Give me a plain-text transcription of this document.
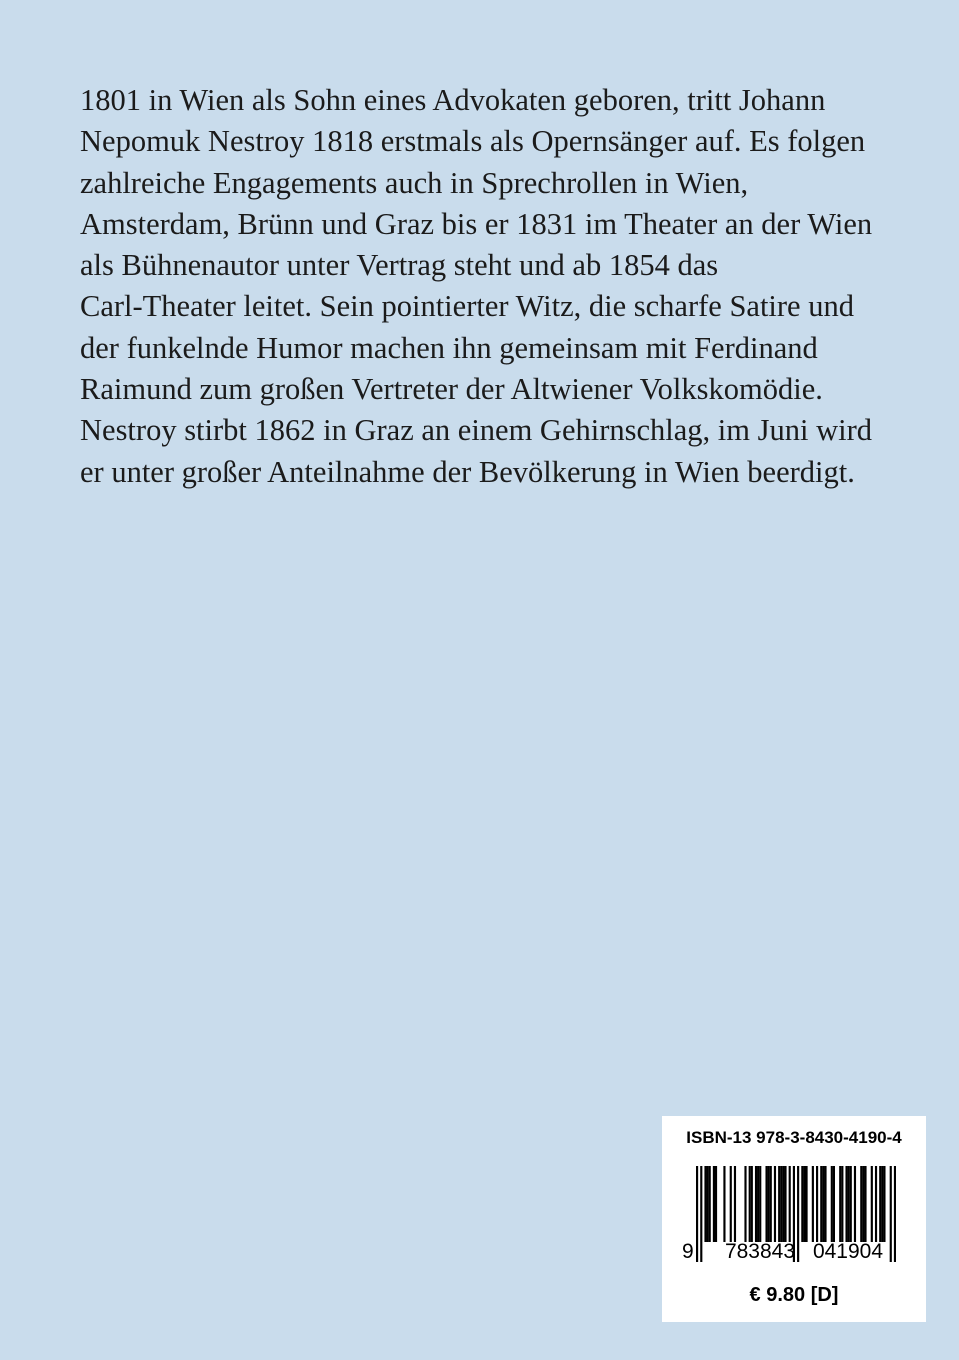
1801 in Wien als Sohn eines Advokaten geboren, tritt Johann
Nepomuk Nestroy 1818 erstmals als Opernsänger auf. Es folgen
zahlreiche Engagements auch in Sprechrollen in Wien,
Amsterdam, Brünn und Graz bis er 1831 im Theater an der Wien
als Bühnenautor unter Vertrag steht und ab 1854 das
Carl-Theater leitet. Sein pointierter Witz, die scharfe Satire und
der funkelnde Humor machen ihn gemeinsam mit Ferdinand
Raimund zum großen Vertreter der Altwiener Volkskomödie.
Nestroy stirbt 1862 in Graz an einem Gehirnschlag, im Juni wird
er unter großer Anteilnahme der Bevölkerung in Wien beerdigt.
ISBN-13 978-3-8430-4190-4
9	783843 041904
€ 9.80 [D]
